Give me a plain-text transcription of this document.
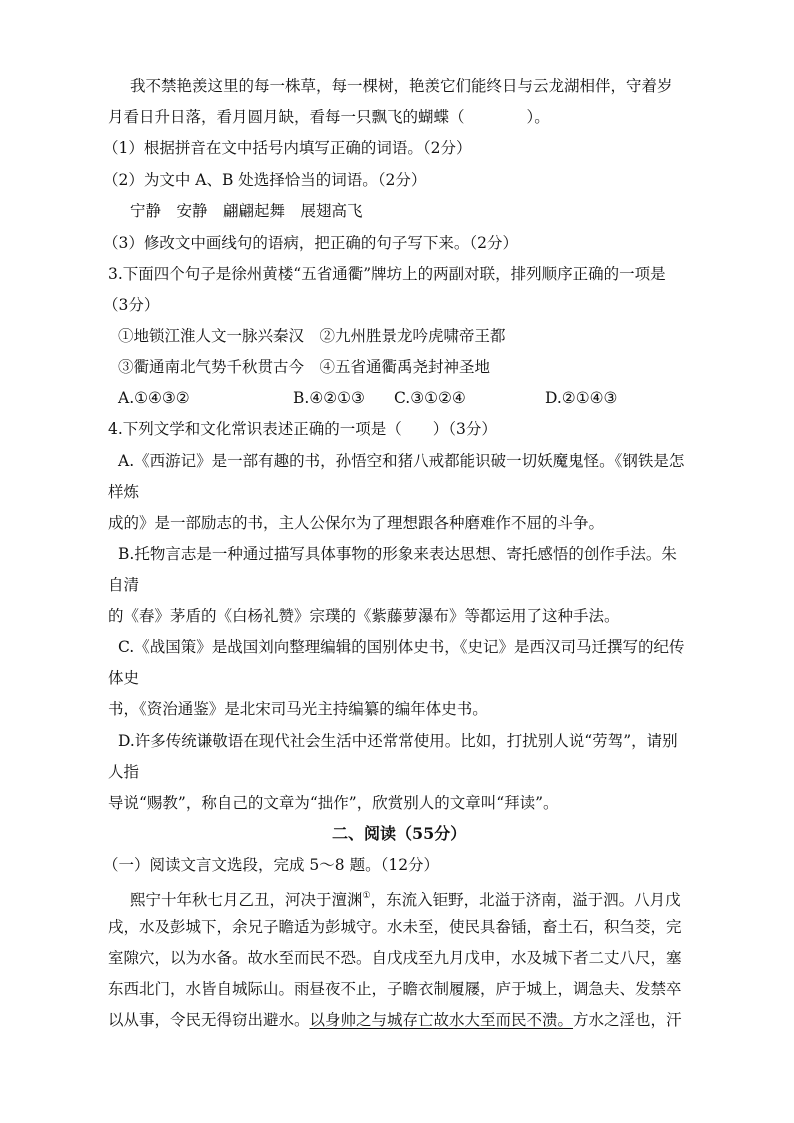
我不禁艳羡这里的每一株草，每一棵树，艳羡它们能终日与云龙湖相伴，守着岁
月看日升日落，看月圆月缺，看每一只飘飞的蝴蝶（　　　　）。
（1）根据拼音在文中括号内填写正确的词语。（2分）
（2）为文中 A、B 处选择恰当的词语。（2分）
宁静　安静　翩翩起舞　展翅高飞
（3）修改文中画线句的语病，把正确的句子写下来。（2分）
3.下面四个句子是徐州黄楼“五省通衢”牌坊上的两副对联，排列顺序正确的一项是
（3分）
①地锁江淮人文一脉兴秦汉　②九州胜景龙吟虎啸帝王都
③衢通南北气势千秋贯古今　④五省通衢禹尧封神圣地
A.①④③②	B.④②①③ C.③①②④	D.②①④③
4.下列文学和文化常识表述正确的一项是（　　）（3分）
A.《西游记》是一部有趣的书，孙悟空和猪八戒都能识破一切妖魔鬼怪。《钢铁是怎
样炼
成的》是一部励志的书，主人公保尔为了理想跟各种磨难作不屈的斗争。
B.托物言志是一种通过描写具体事物的形象来表达思想、寄托感悟的创作手法。朱
自清
的《春》茅盾的《白杨礼赞》宗璞的《紫藤萝瀑布》等都运用了这种手法。
C.《战国策》是战国刘向整理编辑的国别体史书，《史记》是西汉司马迁撰写的纪传
体史
书，《资治通鉴》是北宋司马光主持编纂的编年体史书。
D.许多传统谦敬语在现代社会生活中还常常使用。比如，打扰别人说“劳驾”，请别
人指
导说“赐教”，称自己的文章为“拙作”，欣赏别人的文章叫“拜读”。
二、阅读（55分）
（一）阅读文言文选段，完成 5～8 题。（12分）
熙宁十年秋七月乙丑，河决于澶渊①，东流入钜野，北溢于济南，溢于泗。八月戊
戌，水及彭城下，余兄子瞻适为彭城守。水未至，使民具畚锸，畜土石，积刍茭，完
室隙穴，以为水备。故水至而民不恐。自戊戌至九月戊申，水及城下者二丈八尺，塞
东西北门，水皆自城际山。雨昼夜不止，子瞻衣制履屦，庐于城上，调急夫、发禁卒
以从事，令民无得窃出避水。以身帅之与城存亡故水大至而民不溃。方水之淫也，汗
